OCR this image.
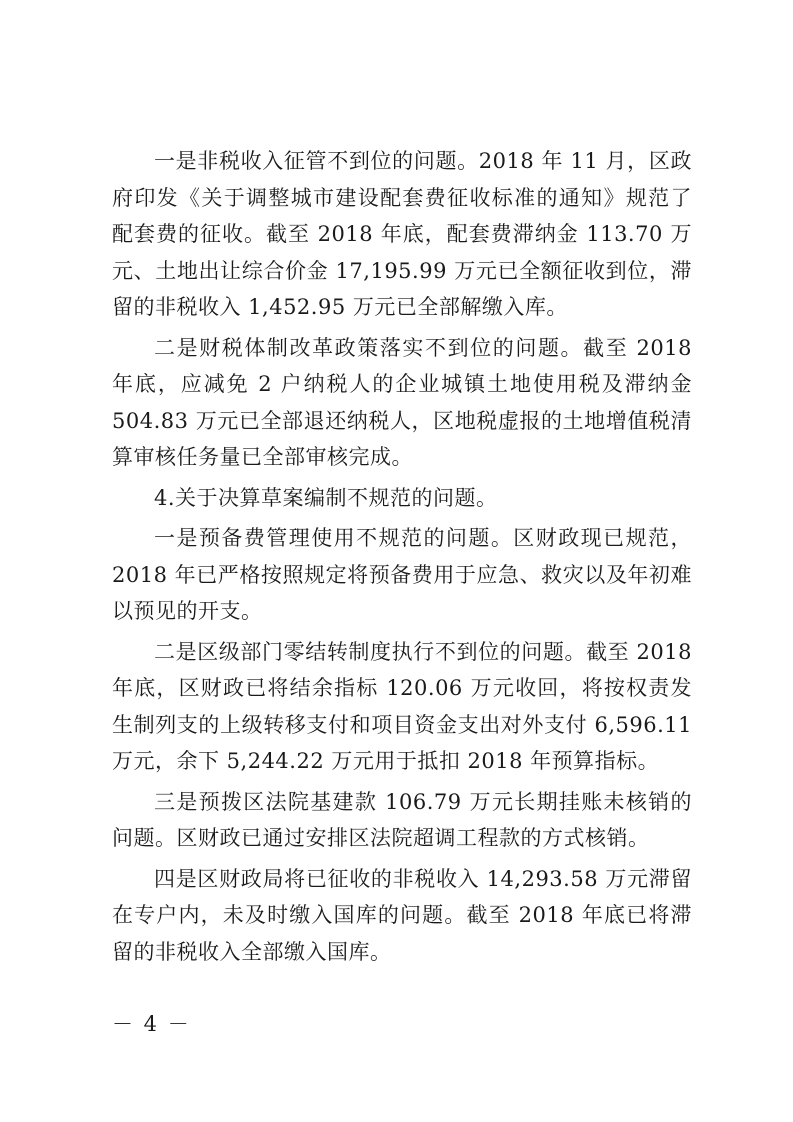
一是非税收入征管不到位的问题。2018 年 11 月，区政府印发《关于调整城市建设配套费征收标准的通知》规范了配套费的征收。截至 2018 年底，配套费滞纳金 113.70 万元、土地出让综合价金 17,195.99 万元已全额征收到位，滞留的非税收入 1,452.95 万元已全部解缴入库。

二是财税体制改革政策落实不到位的问题。截至 2018 年底，应减免 2 户纳税人的企业城镇土地使用税及滞纳金 504.83 万元已全部退还纳税人，区地税虚报的土地增值税清算审核任务量已全部审核完成。

4.关于决算草案编制不规范的问题。

一是预备费管理使用不规范的问题。区财政现已规范，2018 年已严格按照规定将预备费用于应急、救灾以及年初难以预见的开支。

二是区级部门零结转制度执行不到位的问题。截至 2018 年底，区财政已将结余指标 120.06 万元收回，将按权责发生制列支的上级转移支付和项目资金支出对外支付 6,596.11 万元，余下 5,244.22 万元用于抵扣 2018 年预算指标。

三是预拨区法院基建款 106.79 万元长期挂账未核销的问题。区财政已通过安排区法院超调工程款的方式核销。

四是区财政局将已征收的非税收入 14,293.58 万元滞留在专户内，未及时缴入国库的问题。截至 2018 年底已将滞留的非税收入全部缴入国库。

－ 4 －
